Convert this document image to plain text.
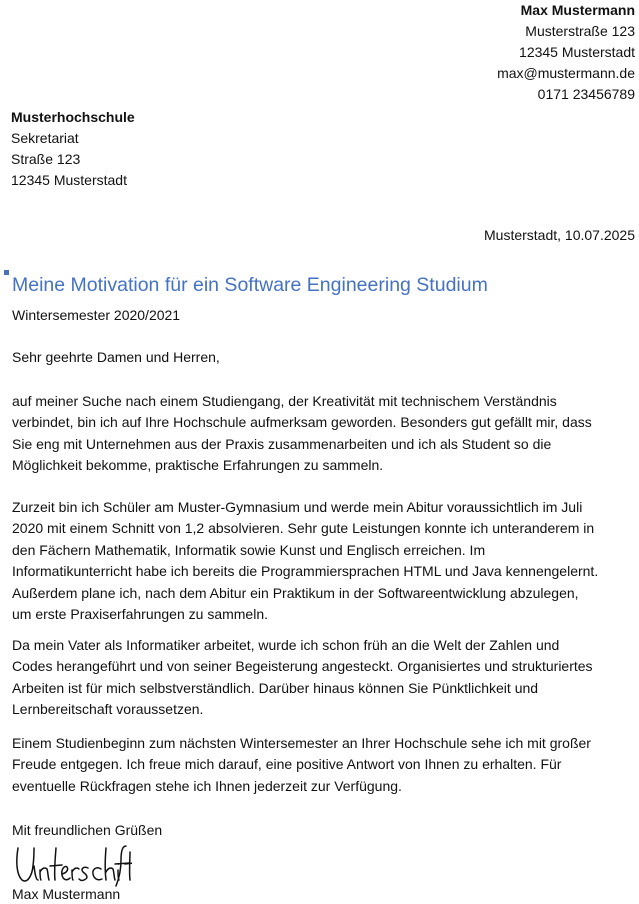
Max Mustermann
Musterstraße 123
12345 Musterstadt
max@mustermann.de
0171 23456789
Musterhochschule
Sekretariat
Straße 123
12345 Musterstadt
Musterstadt, 10.07.2025
Meine Motivation für ein Software Engineering Studium
Wintersemester 2020/2021
Sehr geehrte Damen und Herren,
auf meiner Suche nach einem Studiengang, der Kreativität mit technischem Verständnis
verbindet, bin ich auf Ihre Hochschule aufmerksam geworden. Besonders gut gefällt mir, dass
Sie eng mit Unternehmen aus der Praxis zusammenarbeiten und ich als Student so die
Möglichkeit bekomme, praktische Erfahrungen zu sammeln.
Zurzeit bin ich Schüler am Muster-Gymnasium und werde mein Abitur voraussichtlich im Juli
2020 mit einem Schnitt von 1,2 absolvieren. Sehr gute Leistungen konnte ich unteranderem in
den Fächern Mathematik, Informatik sowie Kunst und Englisch erreichen. Im
Informatikunterricht habe ich bereits die Programmiersprachen HTML und Java kennengelernt.
Außerdem plane ich, nach dem Abitur ein Praktikum in der Softwareentwicklung abzulegen,
um erste Praxiserfahrungen zu sammeln.
Da mein Vater als Informatiker arbeitet, wurde ich schon früh an die Welt der Zahlen und
Codes herangeführt und von seiner Begeisterung angesteckt. Organisiertes und strukturiertes
Arbeiten ist für mich selbstverständlich. Darüber hinaus können Sie Pünktlichkeit und
Lernbereitschaft voraussetzen.
Einem Studienbeginn zum nächsten Wintersemester an Ihrer Hochschule sehe ich mit großer
Freude entgegen. Ich freue mich darauf, eine positive Antwort von Ihnen zu erhalten. Für
eventuelle Rückfragen stehe ich Ihnen jederzeit zur Verfügung.
Mit freundlichen Grüßen
Max Mustermann
